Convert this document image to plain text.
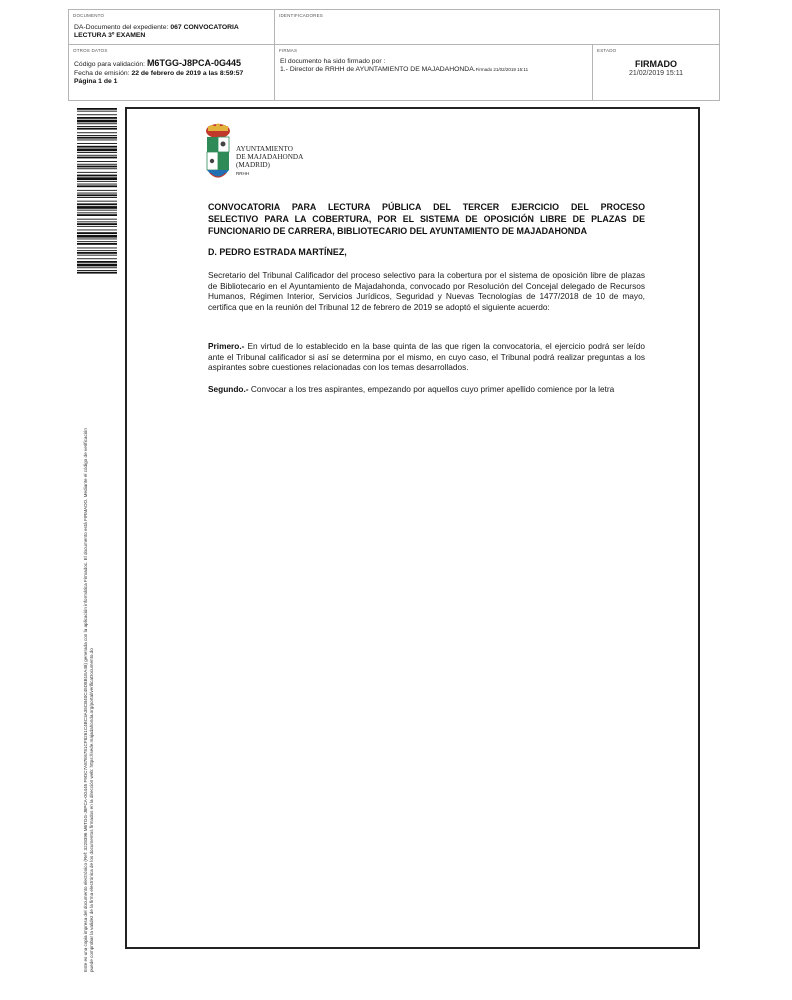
DOCUMENTO
DA-Documento del expediente: 067 CONVOCATORIA
LECTURA 3º EXAMEN
IDENTIFICADORES
OTROS DATOS
Código para validación: M6TGG-J8PCA-0G445
Fecha de emisión: 22 de febrero de 2019 a las 8:59:57
Página 1 de 1
FIRMAS
El documento ha sido firmado por :
1.- Director de RRHH de AYUNTAMIENTO DE MAJADAHONDA.Firmado 21/02/2019 15:11
ESTADO
FIRMADO
21/02/2019 15:11
Este es una copia impresa del documento electrónico (Ref: 3228396 M6TGG-J8PCA-0G445 F9DC7A87E6781CF8261C4BC3A35CB40C45D8B1EA48) generada con la aplicación informática Firmadoc. El documento está FIRMADO. Mediante el código de verificación puede comprobar la validez de la firma electrónica de los documentos firmados en la dirección web: https://sede.majadahonda.org/portal/verificaDocumento.do
AYUNTAMIENTO
DE MAJADAHONDA
(MADRID)
RRHH
CONVOCATORIA PARA LECTURA PÚBLICA DEL TERCER EJERCICIO DEL PROCESO
SELECTIVO PARA LA COBERTURA, POR EL SISTEMA DE OPOSICIÓN LIBRE DE PLAZAS DE
FUNCIONARIO DE CARRERA, BIBLIOTECARIO DEL AYUNTAMIENTO DE MAJADAHONDA
D. PEDRO ESTRADA MARTÍNEZ,
Secretario del Tribunal Calificador del proceso selectivo para la cobertura por el sistema de oposición libre de plazas de Bibliotecario en el Ayuntamiento de Majadahonda, convocado por Resolución del Concejal delegado de Recursos Humanos, Régimen Interior, Servicios Jurídicos, Seguridad y Nuevas Tecnologías de 1477/2018 de 10 de mayo, certifica que en la reunión del Tribunal 12 de febrero de 2019 se adoptó el siguiente acuerdo:
Primero.- En virtud de lo establecido en la base quinta de las que rigen la convocatoria, el ejercicio podrá ser leído ante el Tribunal calificador si así se determina por el mismo, en cuyo caso, el Tribunal podrá realizar preguntas a los aspirantes sobre cuestiones relacionadas con los temas desarrollados.
Segundo.- Convocar a los tres aspirantes, empezando por aquellos cuyo primer apellido comience por la letra
